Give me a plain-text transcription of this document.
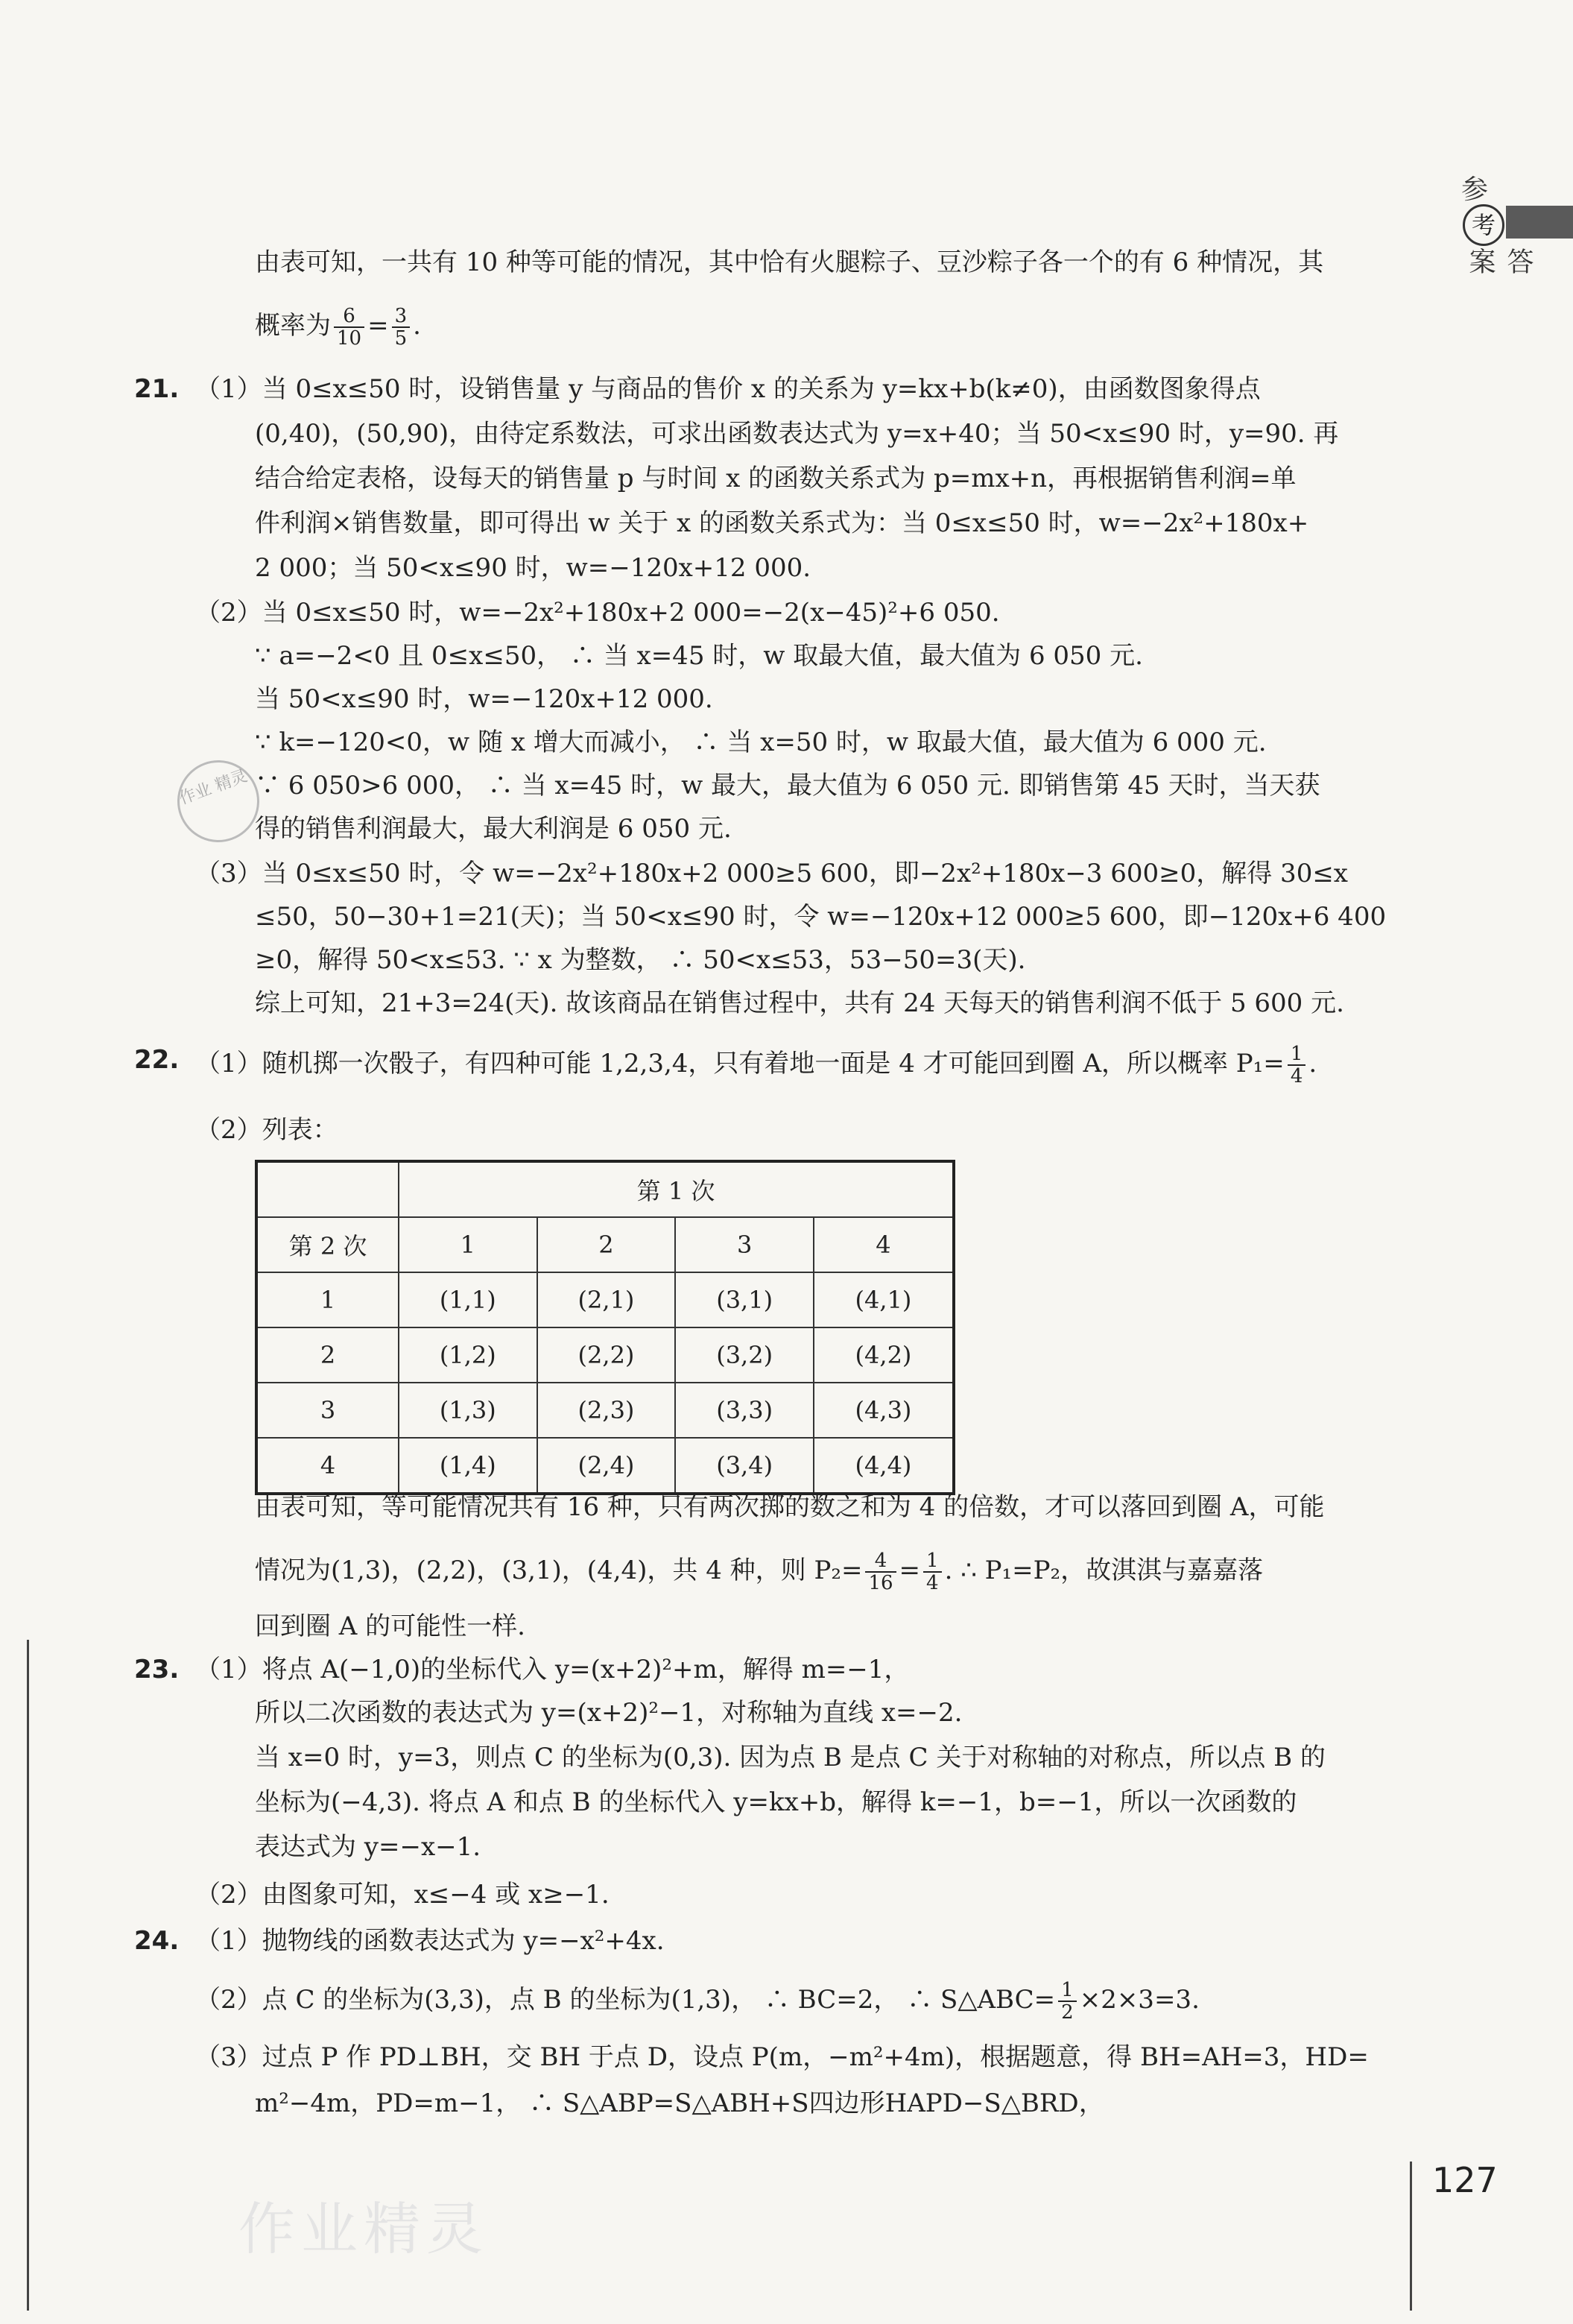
参
考
答案
由表可知，一共有 10 种等可能的情况，其中恰有火腿粽子、豆沙粽子各一个的有 6 种情况，其
概率为 $\frac{6}{10} = \frac{3}{5}$ .
21. （1）当 0≤x≤50 时，设销售量 y 与商品的售价 x 的关系为 y=kx+b(k≠0)，由函数图象得点
(0,40)，(50,90)，由待定系数法，可求出函数表达式为 y=x+40；当 50<x≤90 时，y=90. 再
结合给定表格，设每天的销售量 p 与时间 x 的函数关系式为 p=mx+n，再根据销售利润=单
件利润×销售数量，即可得出 w 关于 x 的函数关系式为：当 0≤x≤50 时，w=−2x²+180x+
2 000；当 50<x≤90 时，w=−120x+12 000.
（2）当 0≤x≤50 时，w=−2x²+180x+2 000=−2(x−45)²+6 050.
∵ a=−2<0 且 0≤x≤50， ∴ 当 x=45 时，w 取最大值，最大值为 6 050 元.
当 50<x≤90 时，w=−120x+12 000.
∵ k=−120<0，w 随 x 增大而减小， ∴ 当 x=50 时，w 取最大值，最大值为 6 000 元.
∵ 6 050>6 000， ∴ 当 x=45 时，w 最大，最大值为 6 050 元. 即销售第 45 天时，当天获
得的销售利润最大，最大利润是 6 050 元.
作业 精灵
（3）当 0≤x≤50 时，令 w=−2x²+180x+2 000≥5 600，即−2x²+180x−3 600≥0，解得 30≤x
≤50，50−30+1=21(天)；当 50<x≤90 时，令 w=−120x+12 000≥5 600，即−120x+6 400
≥0，解得 50<x≤53. ∵ x 为整数， ∴ 50<x≤53，53−50=3(天).
综上可知，21+3=24(天). 故该商品在销售过程中，共有 24 天每天的销售利润不低于 5 600 元.
22. （1）随机掷一次骰子，有四种可能 1,2,3,4，只有着地一面是 4 才可能回到圈 A，所以概率 $P_1= \frac{1}{4}$ .
（2）列表：
	第 1 次			
第 2 次	1	2	3	4
1	(1,1)	(2,1)	(3,1)	(4,1)
2	(1,2)	(2,2)	(3,2)	(4,2)
3	(1,3)	(2,3)	(3,3)	(4,3)
4	(1,4)	(2,4)	(3,4)	(4,4)
由表可知，等可能情况共有 16 种，只有两次掷的数之和为 4 的倍数，才可以落回到圈 A，可能
情况为(1,3)，(2,2)，(3,1)，(4,4)，共 4 种，则 $P_2= \frac{4}{16} = \frac{1}{4}$ . ∴ P₁=P₂，故淇淇与嘉嘉落
回到圈 A 的可能性一样.
23. （1）将点 A(−1,0)的坐标代入 y=(x+2)²+m，解得 m=−1，
所以二次函数的表达式为 y=(x+2)²−1，对称轴为直线 x=−2.
当 x=0 时，y=3，则点 C 的坐标为(0,3). 因为点 B 是点 C 关于对称轴的对称点，所以点 B 的
坐标为(−4,3). 将点 A 和点 B 的坐标代入 y=kx+b，解得 k=−1，b=−1，所以一次函数的
表达式为 y=−x−1.
（2）由图象可知，x≤−4 或 x≥−1.
24. （1）抛物线的函数表达式为 y=−x²+4x.
（2）点 C 的坐标为(3,3)，点 B 的坐标为(1,3)， ∴ BC=2， ∴ S△ABC= $\frac{1}{2} \times 2\times 3=3$.
（3）过点 P 作 PD⊥BH，交 BH 于点 D，设点 P(m，−m²+4m)，根据题意，得 BH=AH=3，HD=
m²−4m，PD=m−1， ∴ S△ABP=S△ABH+S四边形HAPD−S△BRD，
127
作业精灵
